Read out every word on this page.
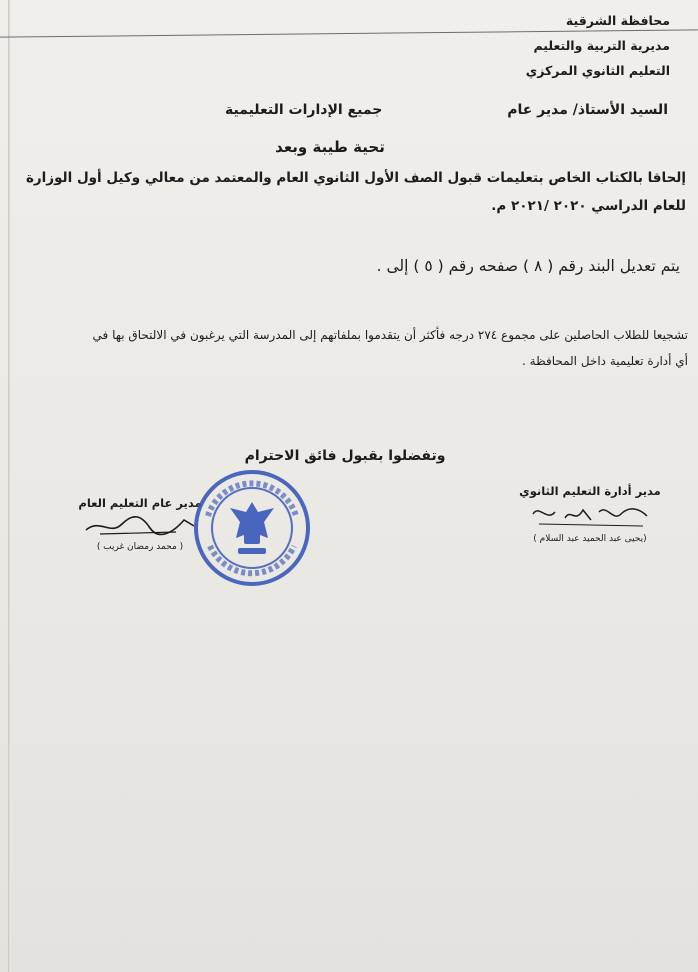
محافظة الشرقية
مديرية التربية والتعليم
التعليم الثانوي المركزي
السيد الأستاذ/ مدير عام جميع الإدارات التعليمية
تحية طيبة وبعد
إلحاقا بالكتاب الخاص بتعليمات قبول الصف الأول الثانوي العام والمعتمد من معالي وكيل أول الوزارة
للعام الدراسي ٢٠٢٠ /٢٠٢١ م.
يتم تعديل البند رقم ( ٨ ) صفحه رقم ( ٥ ) إلى .
تشجيعا للطلاب الحاصلين على مجموع ٢٧٤ درجه فأكثر أن يتقدموا بملفاتهم إلى المدرسة التي يرغبون في الالتحاق بها في
أي أدارة تعليمية داخل المحافظة .
وتفضلوا بقبول فائق الاحترام
مدير عام التعليم العام
( محمد رمضان غريب )
مدير أدارة التعليم الثانوي
(يحيى عبد الحميد عبد السلام )
